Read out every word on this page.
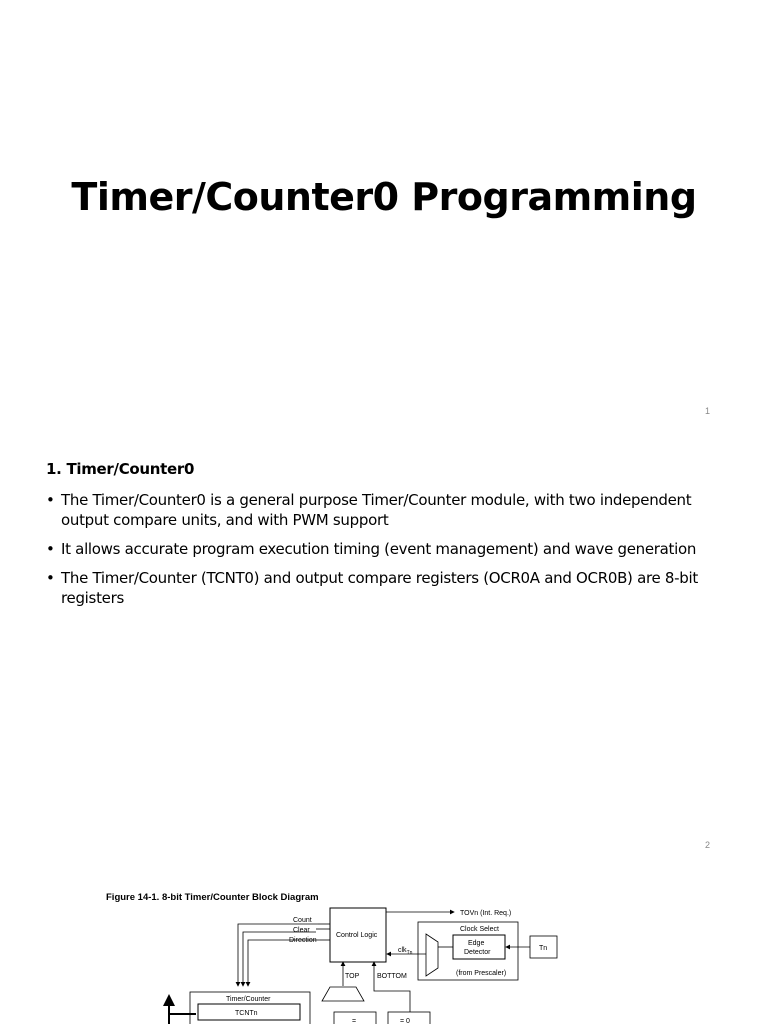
Timer/Counter0 Programming
1
1. Timer/Counter0
• The Timer/Counter0 is a general purpose Timer/Counter module, with two independent output compare units, and with PWM support
• It allows accurate program execution timing (event management) and wave generation
• The Timer/Counter (TCNT0) and output compare registers (OCR0A and OCR0B) are 8-bit registers
2
Figure 14-1. 8-bit Timer/Counter Block Diagram
Control Logic
Count
Clear
Direction
TOVn (Int. Req.)
Clock Select
Edge
Detector
(from Prescaler)
Tn
clk$_{Tn}$
TOP	BOTTOM
Timer/Counter
TCNTn
=	= 0
